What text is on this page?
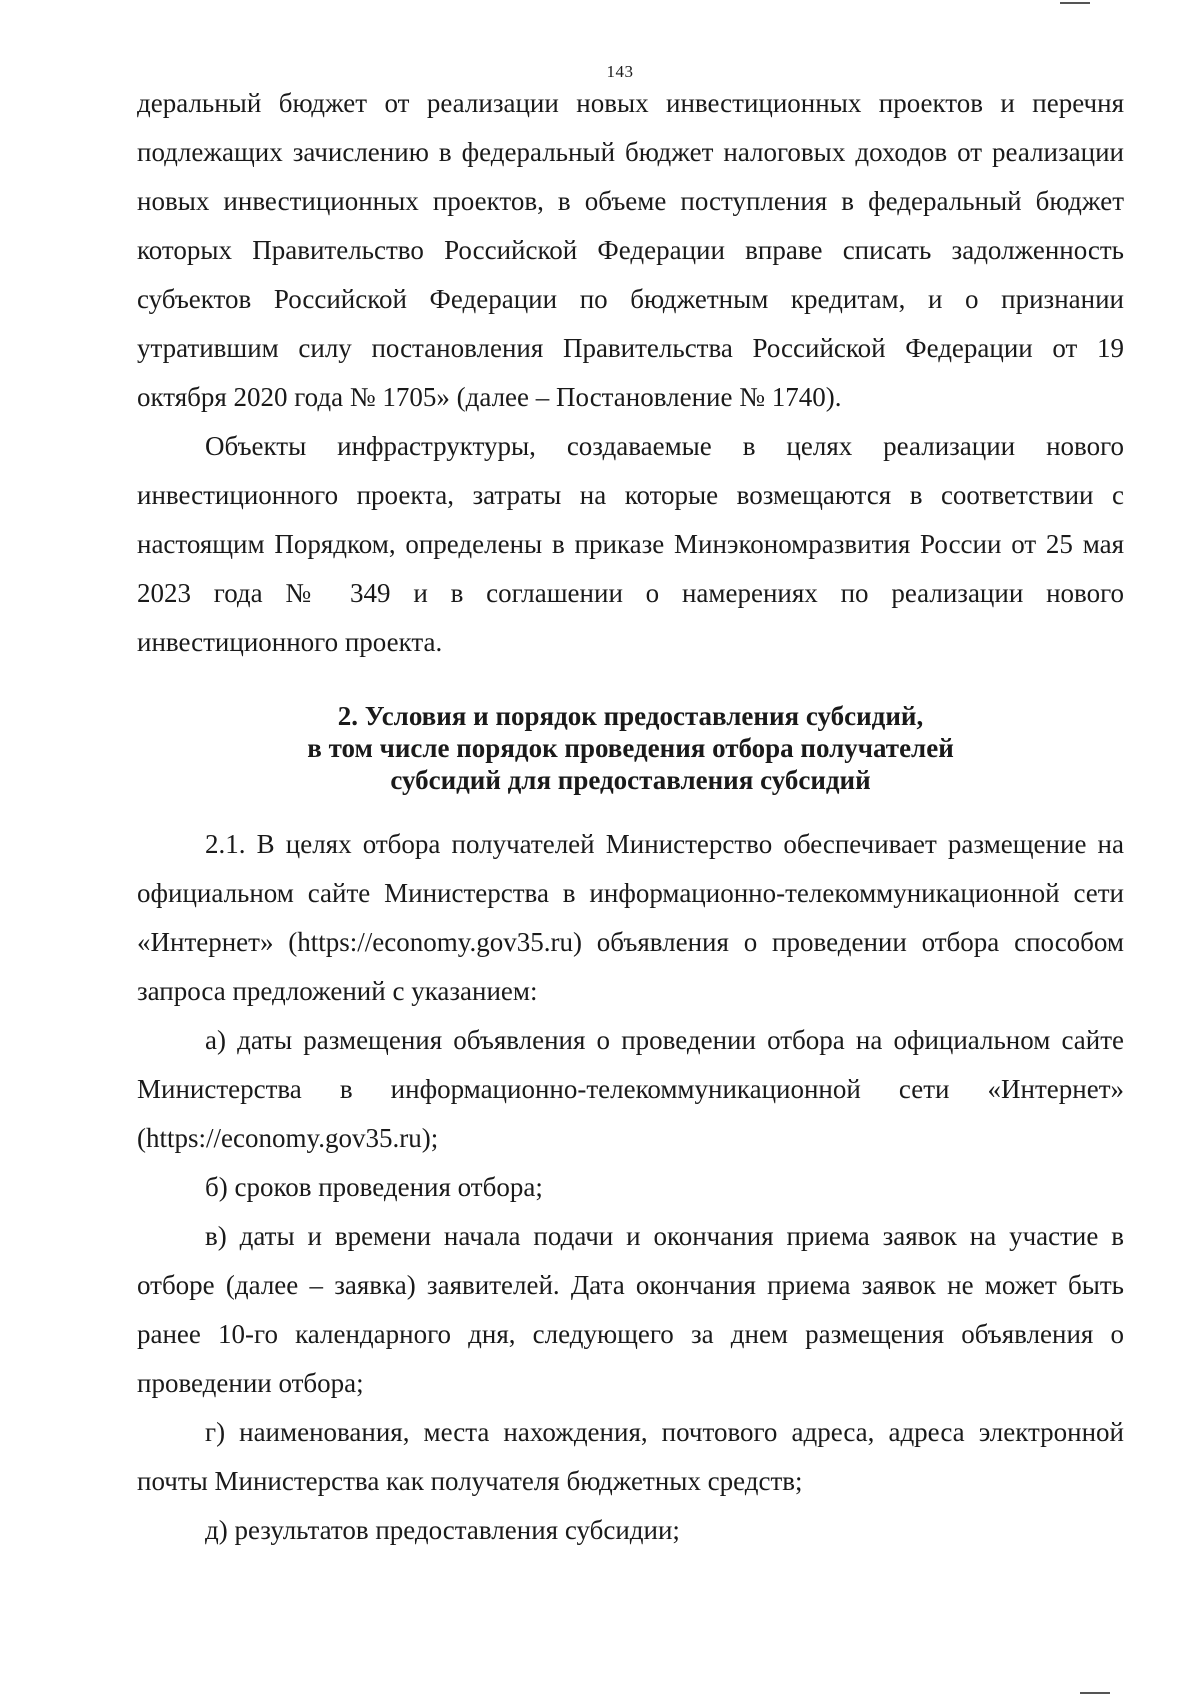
143

деральный бюджет от реализации новых инвестиционных проектов и перечня подлежащих зачислению в федеральный бюджет налоговых доходов от реализации новых инвестиционных проектов, в объеме поступления в федеральный бюджет которых Правительство Российской Федерации вправе списать задолженность субъектов Российской Федерации по бюджетным кредитам, и о признании утратившим силу постановления Правительства Российской Федерации от 19 октября 2020 года № 1705» (далее – Постановление № 1740).

Объекты инфраструктуры, создаваемые в целях реализации нового инвестиционного проекта, затраты на которые возмещаются в соответствии с настоящим Порядком, определены в приказе Минэкономразвития России от 25 мая 2023 года № 349 и в соглашении о намерениях по реализации нового инвестиционного проекта.

2. Условия и порядок предоставления субсидий,
в том числе порядок проведения отбора получателей
субсидий для предоставления субсидий

2.1. В целях отбора получателей Министерство обеспечивает размещение на официальном сайте Министерства в информационно-телекоммуникационной сети «Интернет» (https://economy.gov35.ru) объявления о проведении отбора способом запроса предложений с указанием:

а) даты размещения объявления о проведении отбора на официальном сайте Министерства в информационно-телекоммуникационной сети «Интернет» (https://economy.gov35.ru);

б) сроков проведения отбора;

в) даты и времени начала подачи и окончания приема заявок на участие в отборе (далее – заявка) заявителей. Дата окончания приема заявок не может быть ранее 10-го календарного дня, следующего за днем размещения объявления о проведении отбора;

г) наименования, места нахождения, почтового адреса, адреса электронной почты Министерства как получателя бюджетных средств;

д) результатов предоставления субсидии;
